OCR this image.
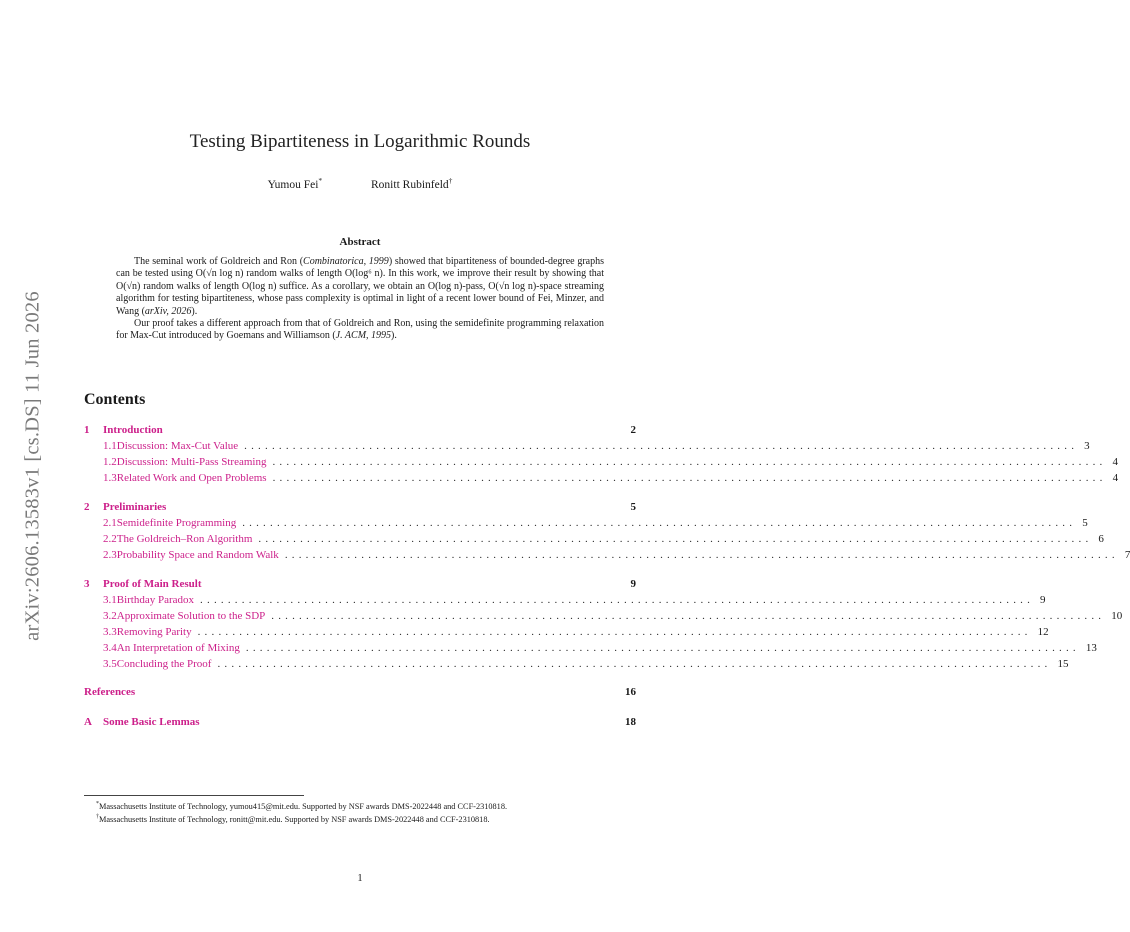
arXiv:2606.13583v1 [cs.DS] 11 Jun 2026
Testing Bipartiteness in Logarithmic Rounds
Yumou Fei*	Ronitt Rubinfeld†
Abstract

The seminal work of Goldreich and Ron (Combinatorica, 1999) showed that bipartiteness of bounded-degree graphs can be tested using O(√n log n) random walks of length O(log⁶ n). In this work, we improve their result by showing that O(√n) random walks of length O(log n) suffice. As a corollary, we obtain an O(log n)-pass, O(√n log n)-space streaming algorithm for testing bipartiteness, whose pass complexity is optimal in light of a recent lower bound of Fei, Minzer, and Wang (arXiv, 2026).

Our proof takes a different approach from that of Goldreich and Ron, using the semidefinite programming relaxation for Max-Cut introduced by Goemans and Williamson (J. ACM, 1995).

Contents
1	Introduction	2
1.1 Discussion: Max-Cut Value ........................................................................................................................ 3
1.2 Discussion: Multi-Pass Streaming ........................................................................................................................ 4
1.3 Related Work and Open Problems ........................................................................................................................ 4
2	Preliminaries	5
2.1 Semidefinite Programming ........................................................................................................................ 5
2.2 The Goldreich–Ron Algorithm ........................................................................................................................ 6
2.3 Probability Space and Random Walk ........................................................................................................................ 7
3	Proof of Main Result	9
3.1 Birthday Paradox ........................................................................................................................ 9
3.2 Approximate Solution to the SDP ........................................................................................................................ 10
3.3 Removing Parity ........................................................................................................................ 12
3.4 An Interpretation of Mixing ........................................................................................................................ 13
3.5 Concluding the Proof ........................................................................................................................ 15
References	16
A	Some Basic Lemmas	18

*Massachusetts Institute of Technology, yumou415@mit.edu. Supported by NSF awards DMS-2022448 and CCF-2310818.

†Massachusetts Institute of Technology, ronitt@mit.edu. Supported by NSF awards DMS-2022448 and CCF-2310818.

1
